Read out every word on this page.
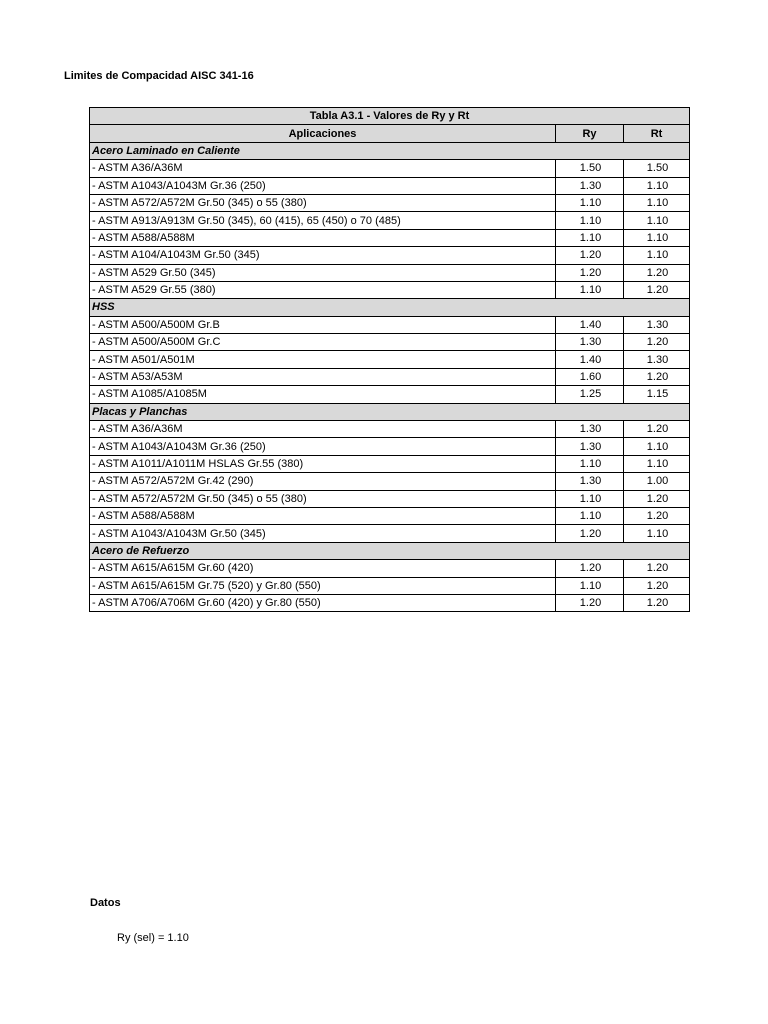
Limites de Compacidad AISC 341-16
Tabla A3.1 - Valores de Ry y Rt		
Aplicaciones	Ry	Rt
Acero Laminado en Caliente		
- ASTM A36/A36M	1.50	1.50
- ASTM A1043/A1043M Gr.36 (250)	1.30	1.10
- ASTM A572/A572M Gr.50 (345) o 55 (380)	1.10	1.10
- ASTM A913/A913M Gr.50 (345), 60 (415), 65 (450) o 70 (485)	1.10	1.10
- ASTM A588/A588M	1.10	1.10
- ASTM A104/A1043M Gr.50 (345)	1.20	1.10
- ASTM A529 Gr.50 (345)	1.20	1.20
- ASTM A529 Gr.55 (380)	1.10	1.20
HSS		
- ASTM A500/A500M Gr.B	1.40	1.30
- ASTM A500/A500M Gr.C	1.30	1.20
- ASTM A501/A501M	1.40	1.30
- ASTM A53/A53M	1.60	1.20
- ASTM A1085/A1085M	1.25	1.15
Placas y Planchas		
- ASTM A36/A36M	1.30	1.20
- ASTM A1043/A1043M Gr.36 (250)	1.30	1.10
- ASTM A1011/A1011M HSLAS Gr.55 (380)	1.10	1.10
- ASTM A572/A572M Gr.42 (290)	1.30	1.00
- ASTM A572/A572M Gr.50 (345) o 55 (380)	1.10	1.20
- ASTM A588/A588M	1.10	1.20
- ASTM A1043/A1043M Gr.50 (345)	1.20	1.10
Acero de Refuerzo		
- ASTM A615/A615M Gr.60 (420)	1.20	1.20
- ASTM A615/A615M Gr.75 (520) y Gr.80 (550)	1.10	1.20
- ASTM A706/A706M Gr.60 (420) y Gr.80 (550)	1.20	1.20
Datos
Ry (sel) = 1.10
